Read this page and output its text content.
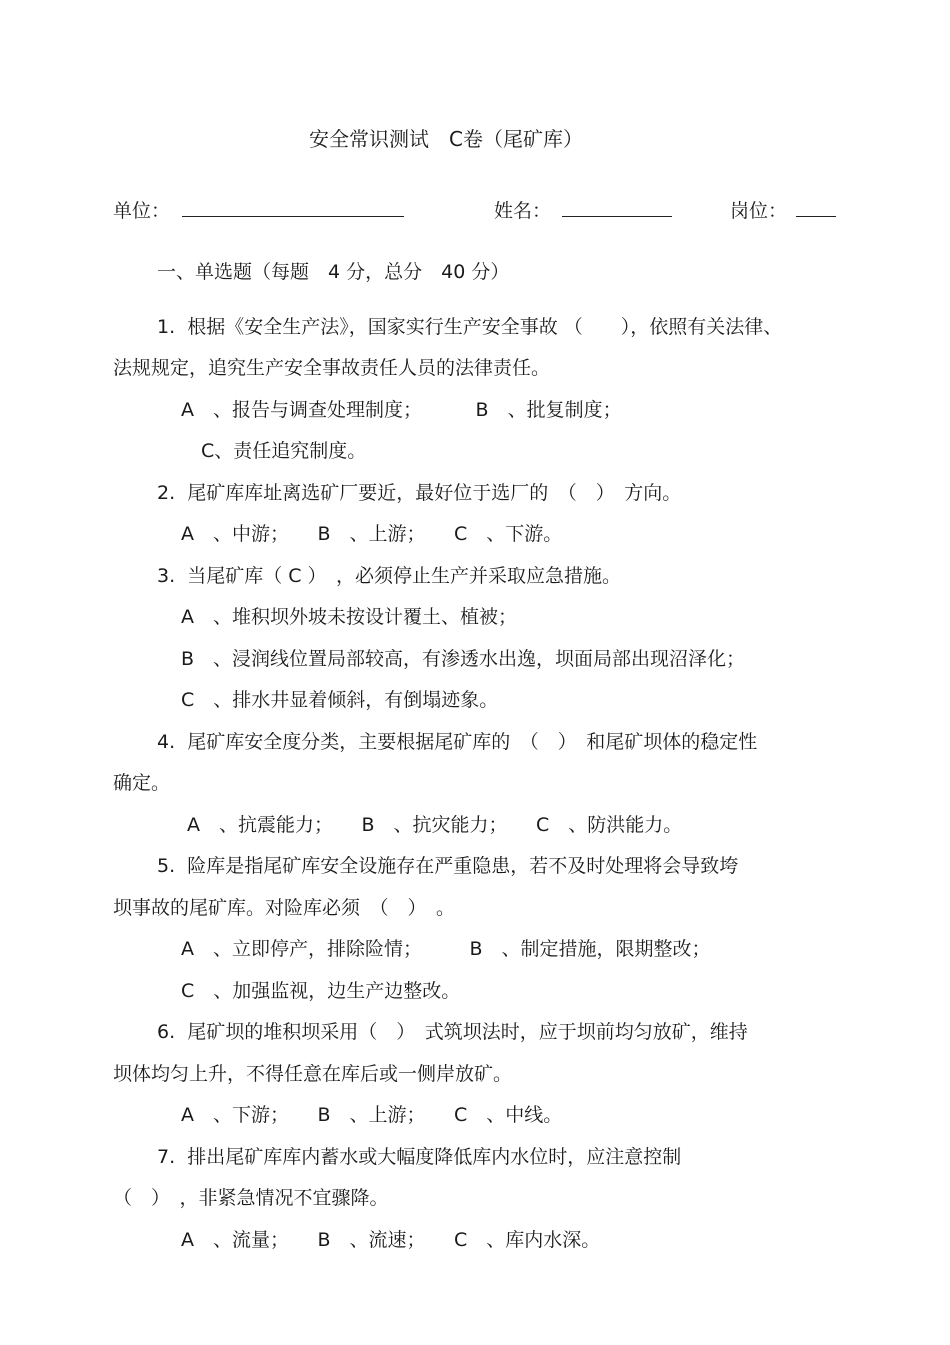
安全常识测试　C卷（尾矿库）
单位：	姓名：	岗位：
一、单选题（每题　4 分，总分　40 分）
1.  根据《安全生产法》，国家实行生产安全事故 （　　），依照有关法律、
法规规定，追究生产安全事故责任人员的法律责任。
A　、报告与调查处理制度；　　　 B　、批复制度；
C、责任追究制度。
2.  尾矿库库址离选矿厂要近，最好位于选厂的　（　）　方向。
A　、中游；　　B　、上游；　　C　、下游。
3.  当尾矿库（ C ）　，必须停止生产并采取应急措施。
A　、堆积坝外坡未按设计覆土、植被；
B　、浸润线位置局部较高，有渗透水出逸，坝面局部出现沼泽化；
C　、排水井显着倾斜，有倒塌迹象。
4.  尾矿库安全度分类，主要根据尾矿库的　（　）　和尾矿坝体的稳定性
确定。
A　、抗震能力；　　B　、抗灾能力；　　C　、防洪能力。
5.  险库是指尾矿库安全设施存在严重隐患，若不及时处理将会导致垮
坝事故的尾矿库。对险库必须　（　）　。
A　、立即停产，排除险情；　　　B　、制定措施，限期整改；
C　、加强监视，边生产边整改。
6.  尾矿坝的堆积坝采用（　）　式筑坝法时，应于坝前均匀放矿，维持
坝体均匀上升，不得任意在库后或一侧岸放矿。
A　、下游；　　B　、上游；　　C　、中线。
7.  排出尾矿库库内蓄水或大幅度降低库内水位时，应注意控制
（　）　，非紧急情况不宜骤降。
A　、流量；　　B　、流速；　　C　、库内水深。
